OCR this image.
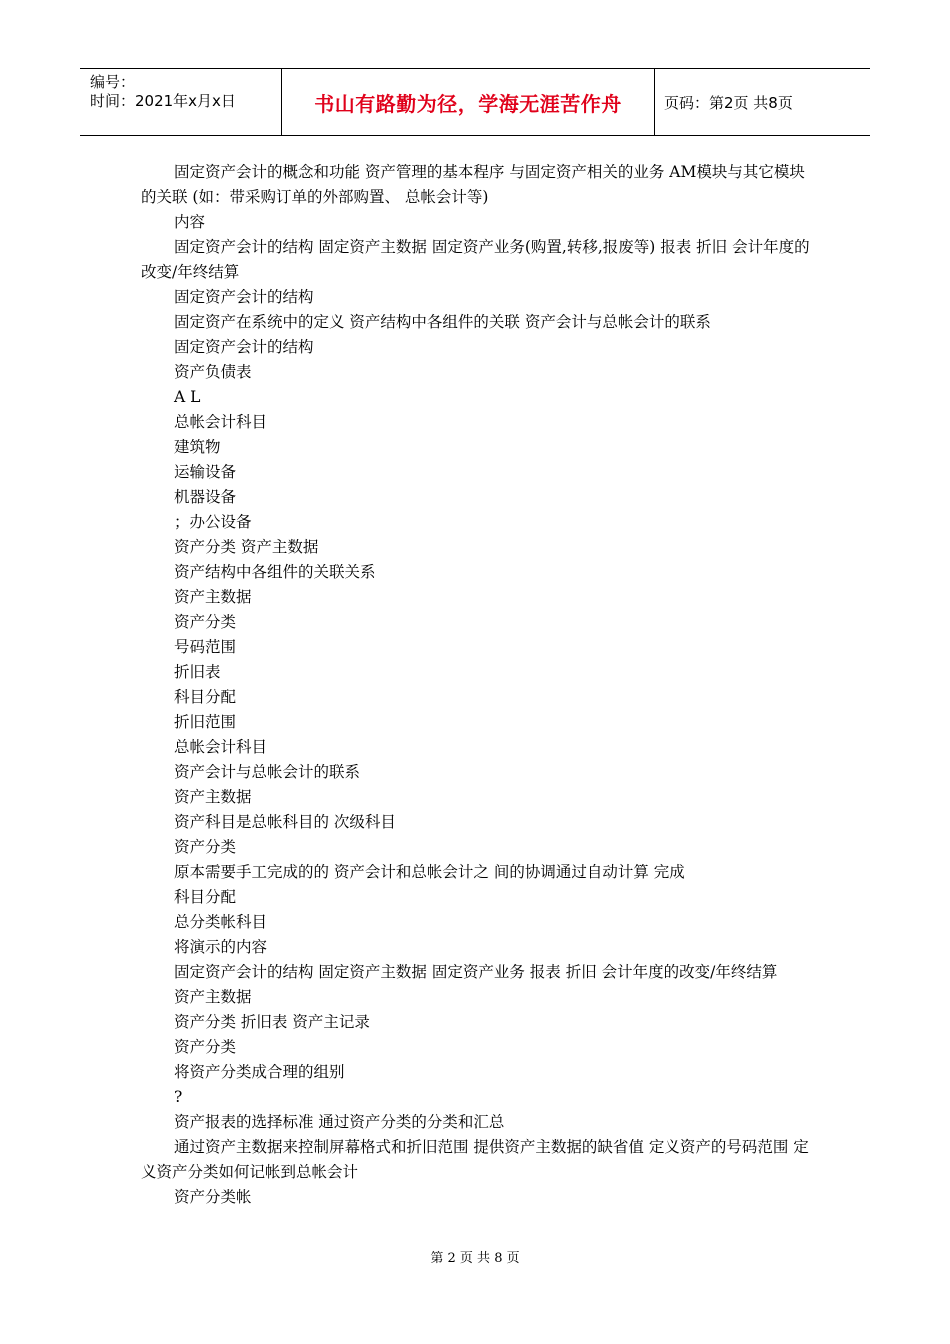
编号：
时间：2021年x月x日	书山有路勤为径，学海无涯苦作舟	页码：第2页 共8页

固定资产会计的概念和功能 资产管理的基本程序 与固定资产相关的业务 AM模块与其它模块的关联 (如：带采购订单的外部购置、 总帐会计等)

内容

固定资产会计的结构 固定资产主数据 固定资产业务(购置,转移,报废等) 报表 折旧 会计年度的改变/年终结算

固定资产会计的结构

固定资产在系统中的定义 资产结构中各组件的关联 资产会计与总帐会计的联系

固定资产会计的结构

资产负债表

A L

总帐会计科目

建筑物

运输设备

机器设备

；办公设备

资产分类 资产主数据

资产结构中各组件的关联关系

资产主数据

资产分类

号码范围

折旧表

科目分配

折旧范围

总帐会计科目

资产会计与总帐会计的联系

资产主数据

资产科目是总帐科目的 次级科目

资产分类

原本需要手工完成的的 资产会计和总帐会计之 间的协调通过自动计算 完成

科目分配

总分类帐科目

将演示的内容

固定资产会计的结构 固定资产主数据 固定资产业务 报表 折旧 会计年度的改变/年终结算

资产主数据

资产分类 折旧表 资产主记录

资产分类

将资产分类成合理的组别

?

资产报表的选择标准 通过资产分类的分类和汇总

通过资产主数据来控制屏幕格式和折旧范围 提供资产主数据的缺省值 定义资产的号码范围 定义资产分类如何记帐到总帐会计

资产分类帐

第 2 页 共 8 页
